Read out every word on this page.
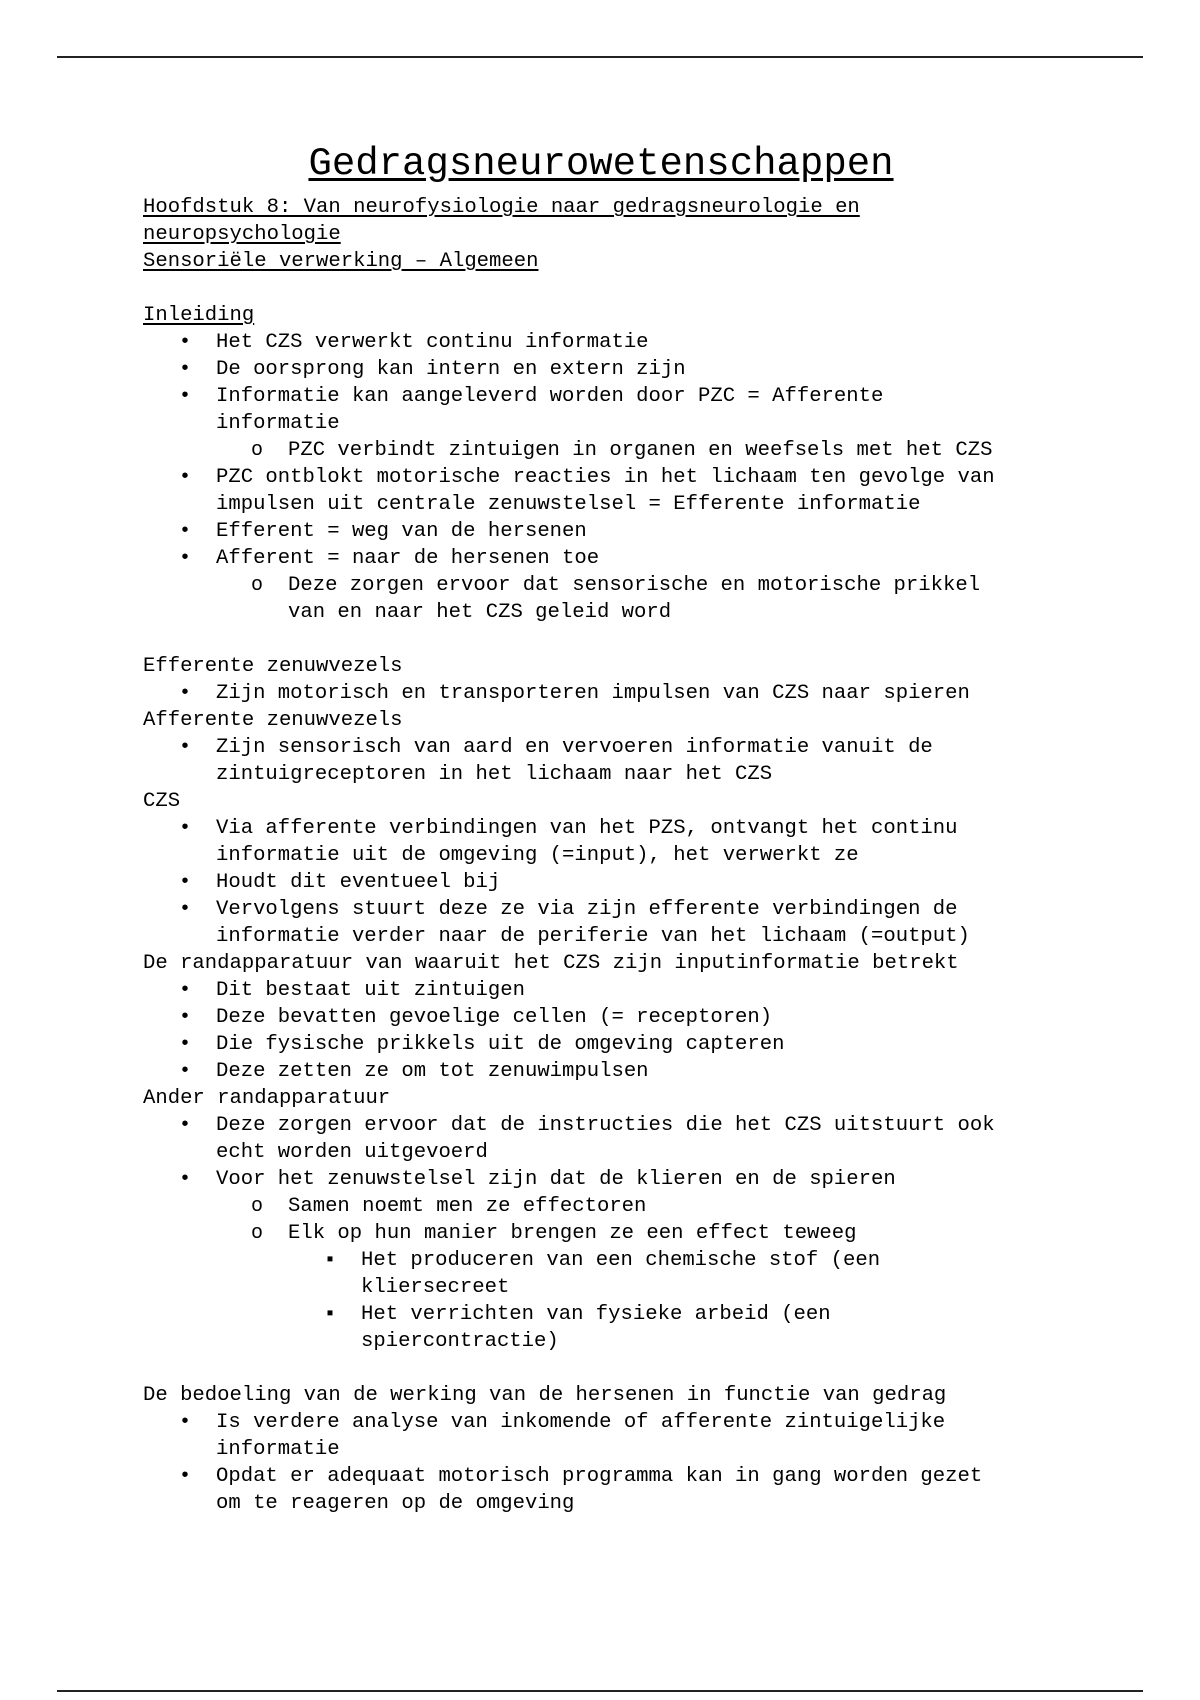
Gedragsneurowetenschappen

Hoofdstuk 8: Van neurofysiologie naar gedragsneurologie en
neuropsychologie

Sensoriële verwerking – Algemeen

Inleiding

• Het CZS verwerkt continu informatie
• De oorsprong kan intern en extern zijn
• Informatie kan aangeleverd worden door PZC = Afferente
informatie
o PZC verbindt zintuigen in organen en weefsels met het CZS
• PZC ontblokt motorische reacties in het lichaam ten gevolge van
impulsen uit centrale zenuwstelsel = Efferente informatie
• Efferent = weg van de hersenen
• Afferent = naar de hersenen toe
o Deze zorgen ervoor dat sensorische en motorische prikkel
van en naar het CZS geleid word

Efferente zenuwvezels

• Zijn motorisch en transporteren impulsen van CZS naar spieren

Afferente zenuwvezels

• Zijn sensorisch van aard en vervoeren informatie vanuit de
zintuigreceptoren in het lichaam naar het CZS

CZS

• Via afferente verbindingen van het PZS, ontvangt het continu
informatie uit de omgeving (=input), het verwerkt ze
• Houdt dit eventueel bij
• Vervolgens stuurt deze ze via zijn efferente verbindingen de
informatie verder naar de periferie van het lichaam (=output)

De randapparatuur van waaruit het CZS zijn inputinformatie betrekt

• Dit bestaat uit zintuigen
• Deze bevatten gevoelige cellen (= receptoren)
• Die fysische prikkels uit de omgeving capteren
• Deze zetten ze om tot zenuwimpulsen

Ander randapparatuur

• Deze zorgen ervoor dat de instructies die het CZS uitstuurt ook
echt worden uitgevoerd
• Voor het zenuwstelsel zijn dat de klieren en de spieren
o Samen noemt men ze effectoren
o Elk op hun manier brengen ze een effect teweeg
▪ Het produceren van een chemische stof (een
kliersecreet
▪ Het verrichten van fysieke arbeid (een
spiercontractie)

De bedoeling van de werking van de hersenen in functie van gedrag

• Is verdere analyse van inkomende of afferente zintuigelijke
informatie
• Opdat er adequaat motorisch programma kan in gang worden gezet
om te reageren op de omgeving
